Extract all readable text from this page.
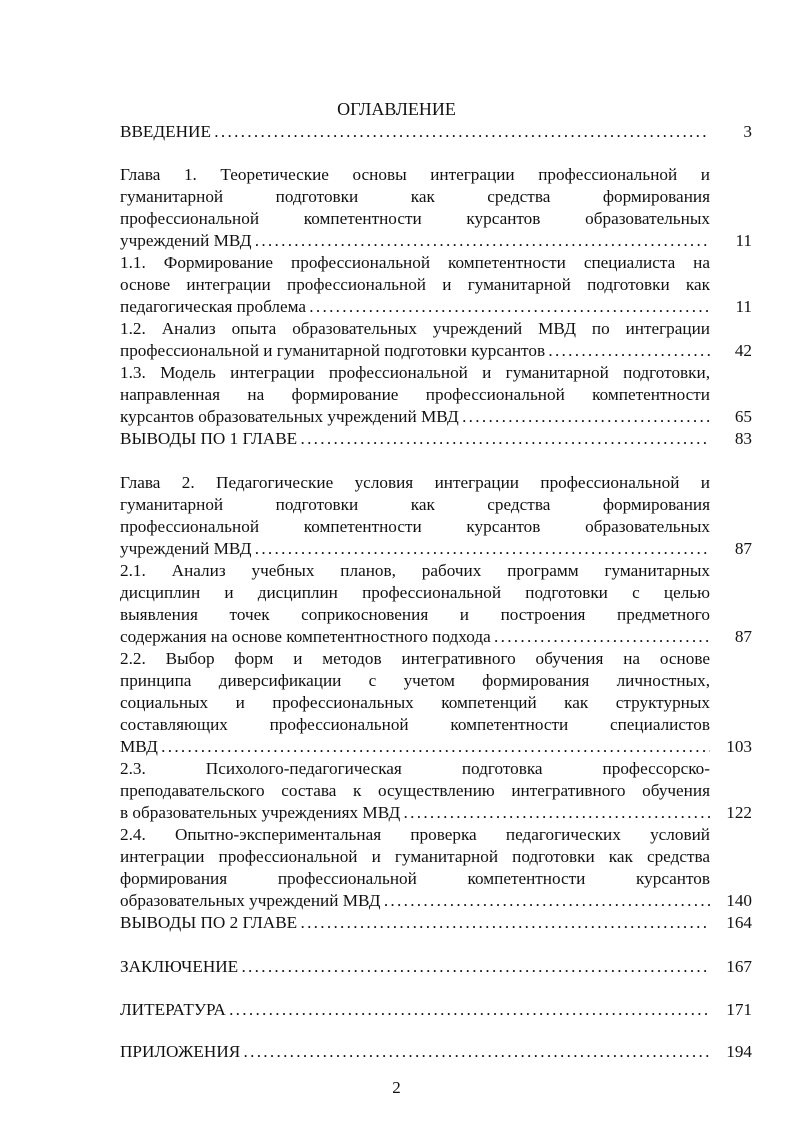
ОГЛАВЛЕНИЕ
ВВЕДЕНИЕ . . .	3
Глава 1. Теоретические основы интеграции профессиональной и
гуманитарной подготовки как средства формирования
профессиональной компетентности курсантов образовательных
учреждений МВД . . .	11
1.1. Формирование профессиональной компетентности специалиста на
основе интеграции профессиональной и гуманитарной подготовки как
педагогическая проблема . . .	11
1.2. Анализ опыта образовательных учреждений МВД по интеграции
профессиональной и гуманитарной подготовки курсантов . . .	42
1.3. Модель интеграции профессиональной и гуманитарной подготовки,
направленная на формирование профессиональной компетентности
курсантов образовательных учреждений МВД . . .	65
ВЫВОДЫ ПО 1 ГЛАВЕ . . .	83
Глава 2. Педагогические условия интеграции профессиональной и
гуманитарной подготовки как средства формирования
профессиональной компетентности курсантов образовательных
учреждений МВД . . .	87
2.1. Анализ учебных планов, рабочих программ гуманитарных
дисциплин и дисциплин профессиональной подготовки с целью
выявления точек соприкосновения и построения предметного
содержания на основе компетентностного подхода . . .	87
2.2. Выбор форм и методов интегративного обучения на основе
принципа диверсификации с учетом формирования личностных,
социальных и профессиональных компетенций как структурных
составляющих профессиональной компетентности специалистов
МВД . . .	103
2.3. Психолого-педагогическая подготовка профессорско-
преподавательского состава к осуществлению интегративного обучения
в образовательных учреждениях МВД . . .	122
2.4. Опытно-экспериментальная проверка педагогических условий
интеграции профессиональной и гуманитарной подготовки как средства
формирования профессиональной компетентности курсантов
образовательных учреждений МВД . . .	140
ВЫВОДЫ ПО 2 ГЛАВЕ . . .	164
ЗАКЛЮЧЕНИЕ . . .	167
ЛИТЕРАТУРА . . .	171
ПРИЛОЖЕНИЯ . . .	194
2
